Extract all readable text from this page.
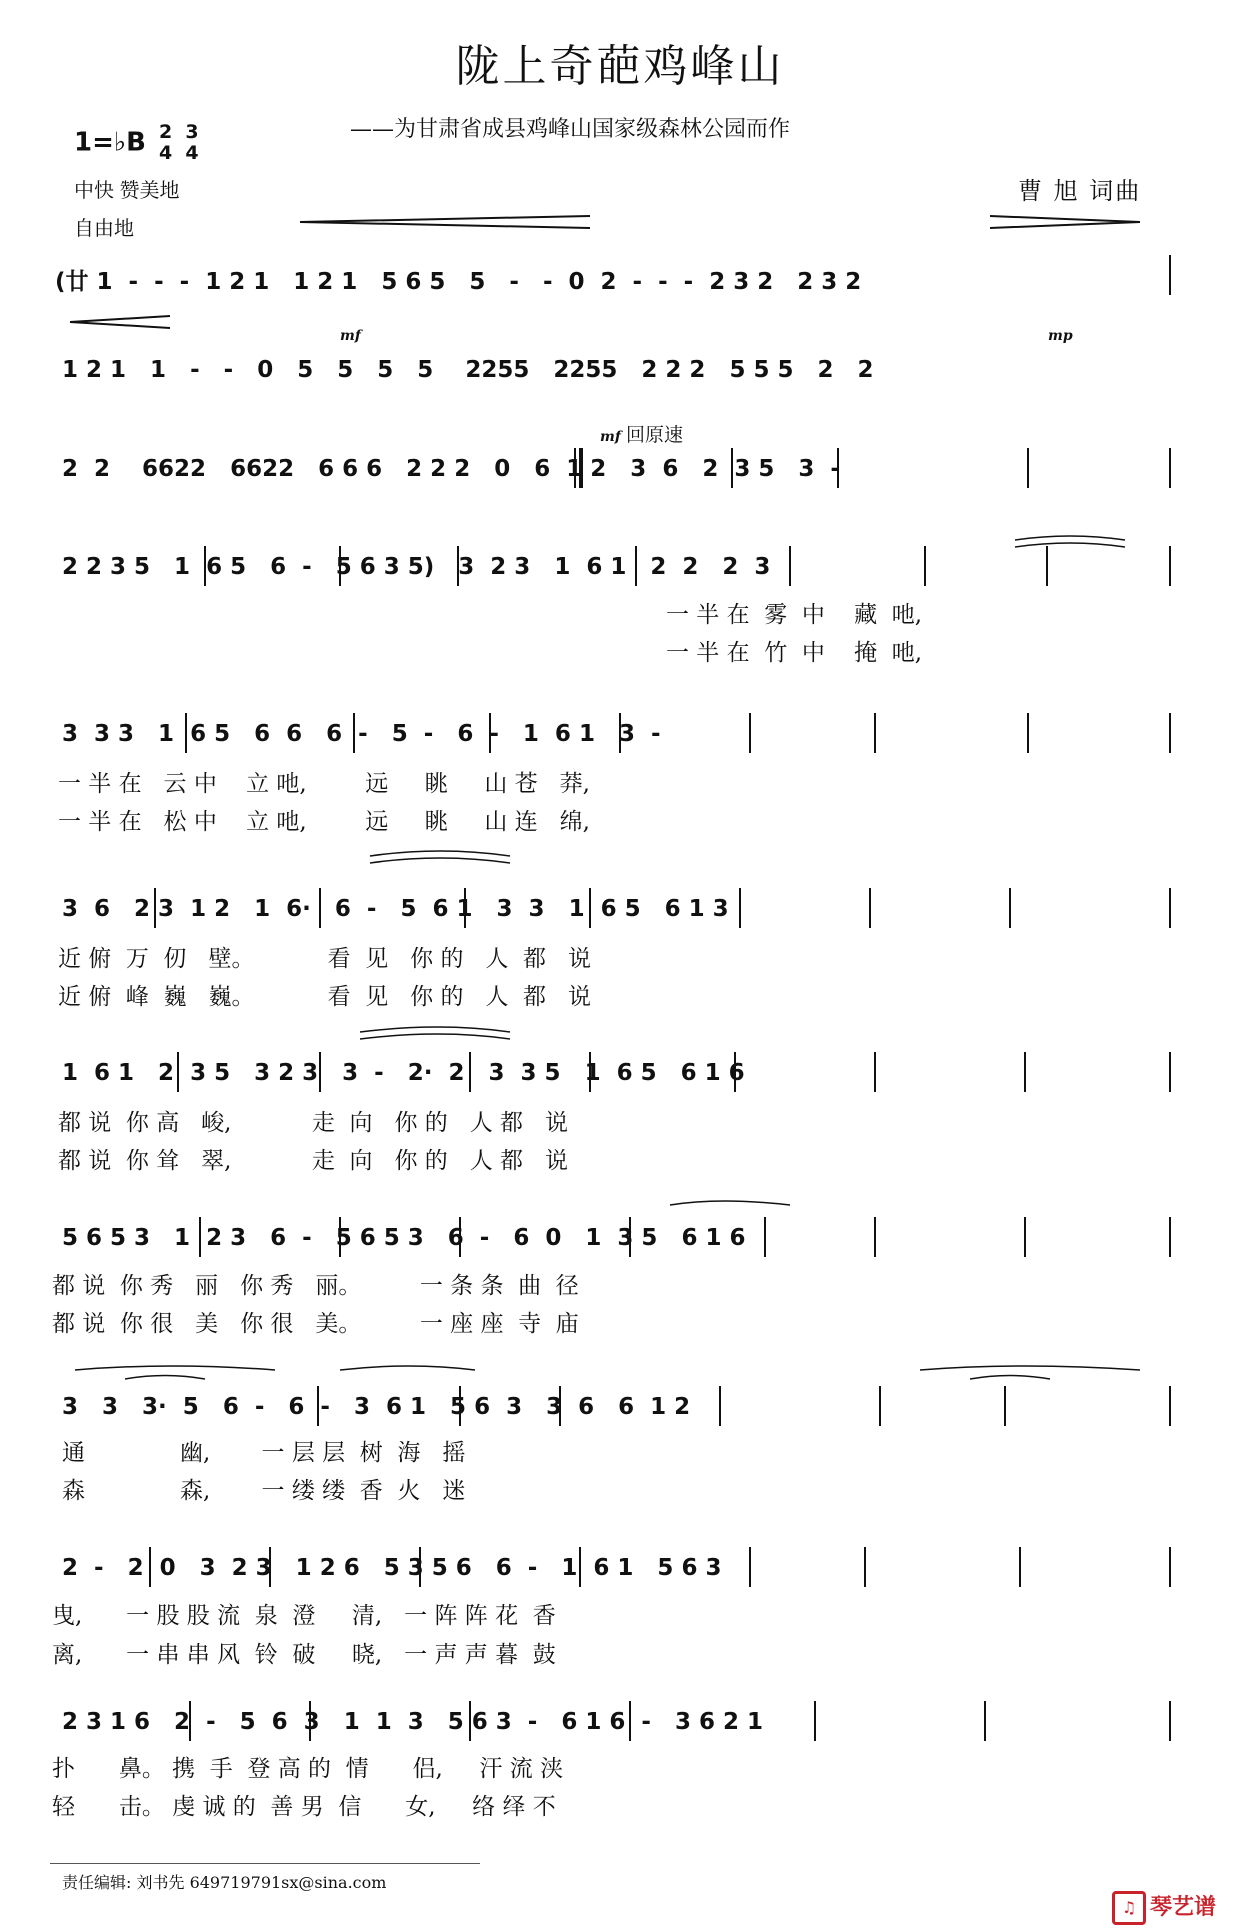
陇上奇葩鸡峰山
——为甘肃省成县鸡峰山国家级森林公园而作
1=♭B 2
4

3
4
中快 赞美地
自由地
曹 旭 词曲
mf	mp
mf 回原速
(廿 1  -  -  -  1 2 1   1 2 1   5 6 5   5   -   -  0  2  -  -  -  2 3 2   2 3 2
1 2 1   1   -   -   0   5   5   5   5    2255   2255   2 2 2   5 5 5   2   2
2  2    6622   6622   6 6 6   2 2 2   0   6  1 2   3  6   2  3 5   3  -
2 2 3 5   1  6 5   6  -   5 6 3 5)   3  2 3   1  6 1   2  2   2  3
一 半 在  雾  中    藏  吔,
一 半 在  竹  中    掩  吔,
3  3 3   1  6 5   6  6   6  -   5  -   6  -   1  6 1   3  -
一 半 在   云 中    立 吔,        远     眺     山 苍   莽,
一 半 在   松 中    立 吔,        远     眺     山 连   绵,
3  6   2 3  1 2   1  6·   6  -   5  6 1   3  3   1  6 5   6 1 3
近 俯  万  仞   壁。          看  见   你 的   人  都   说
近 俯  峰  巍   巍。          看  见   你 的   人  都   说
1  6 1   2  3 5   3 2 3   3  -   2·  2   3  3 5   1  6 5   6 1 6
都 说  你 高   峻,           走  向   你 的   人 都   说
都 说  你 耸   翠,           走  向   你 的   人 都   说
5 6 5 3   1  2 3   6  -   5 6 5 3   6  -   6  0   1  3 5   6 1 6
都 说  你 秀   丽   你 秀   丽。        一 条 条  曲  径
都 说  你 很   美   你 很   美。        一 座 座  寺  庙
3   3   3·  5   6  -   6  -   3  6 1   5 6  3   3  6   6  1 2
通             幽,       一 层 层  树  海   摇
森             森,       一 缕 缕  香  火   迷
2  -   2  0   3  2 3   1 2 6   5 3 5 6   6  -   1  6 1   5 6 3
曳,      一 股 股 流  泉  澄     清,   一 阵 阵 花  香
离,      一 串 串 风  铃  破     晓,   一 声 声 暮  鼓
2 3 1 6   2  -   5  6  3   1  1  3   5 6 3  -   6 1 6  -   3 6 2 1
扑      鼻。 携  手  登 高 的  情      侣,     汗 流 浃
轻      击。 虔 诚 的  善 男  信      女,     络 绎 不
责任编辑: 刘书先 649719791sx@sina.com
♫ 琴艺谱
